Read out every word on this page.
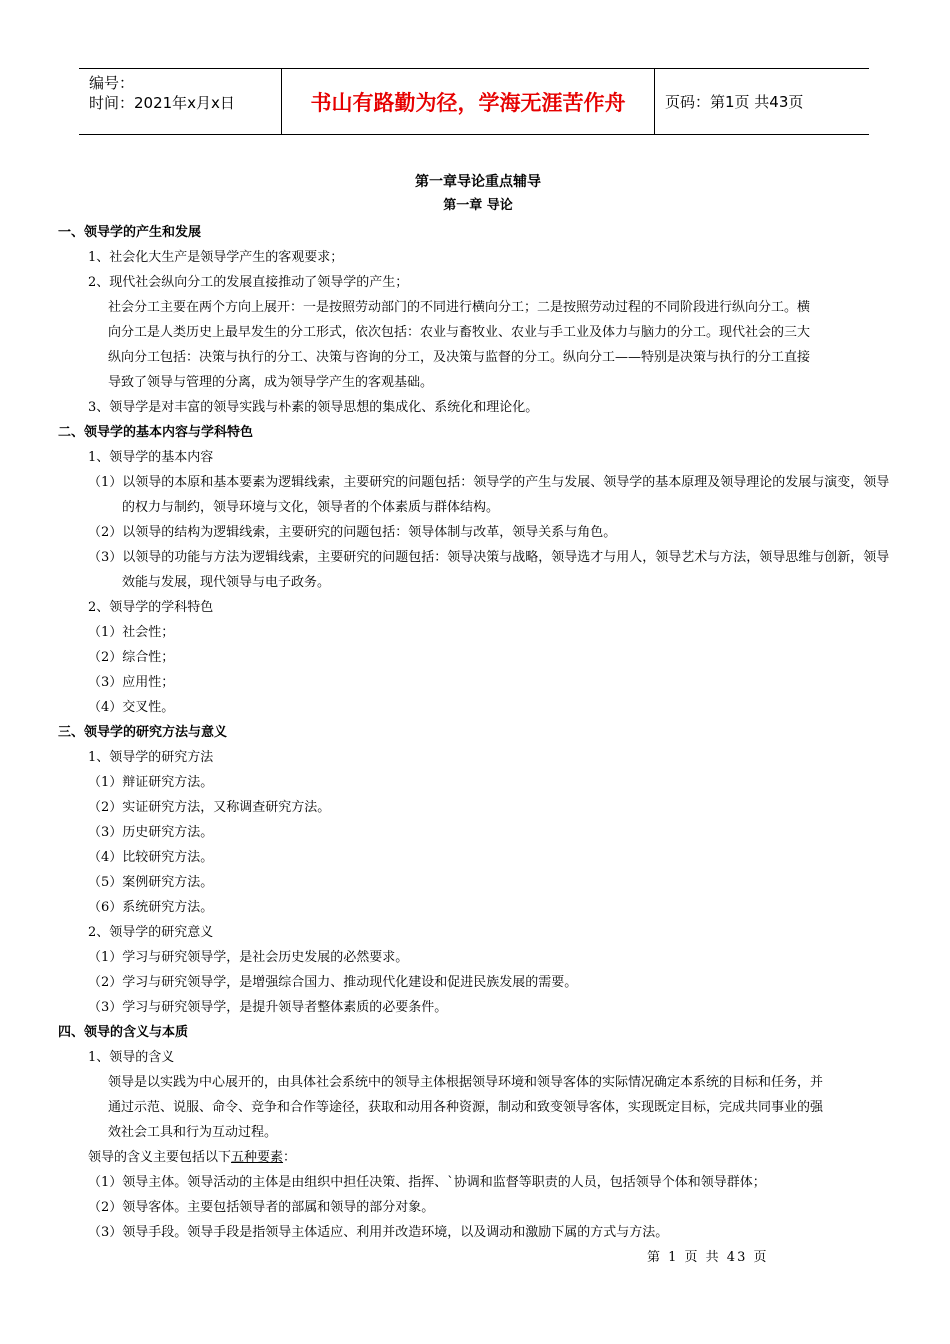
编号：
时间：2021年x月x日	书山有路勤为径，学海无涯苦作舟	页码：第1页 共43页
第一章导论重点辅导
第一章 导论
一、领导学的产生和发展
1、社会化大生产是领导学产生的客观要求；
2、现代社会纵向分工的发展直接推动了领导学的产生；
社会分工主要在两个方向上展开：一是按照劳动部门的不同进行横向分工；二是按照劳动过程的不同阶段进行纵向分工。横
向分工是人类历史上最早发生的分工形式，依次包括：农业与畜牧业、农业与手工业及体力与脑力的分工。现代社会的三大
纵向分工包括：决策与执行的分工、决策与咨询的分工，及决策与监督的分工。纵向分工——特别是决策与执行的分工直接
导致了领导与管理的分离，成为领导学产生的客观基础。
3、领导学是对丰富的领导实践与朴素的领导思想的集成化、系统化和理论化。
二、领导学的基本内容与学科特色
1、领导学的基本内容
（1）以领导的本原和基本要素为逻辑线索，主要研究的问题包括：领导学的产生与发展、领导学的基本原理及领导理论的发展与演变，领导的权力与制约，领导环境与文化，领导者的个体素质与群体结构。
（2）以领导的结构为逻辑线索，主要研究的问题包括：领导体制与改革，领导关系与角色。
（3）以领导的功能与方法为逻辑线索，主要研究的问题包括：领导决策与战略，领导选才与用人，领导艺术与方法，领导思维与创新，领导效能与发展，现代领导与电子政务。
2、领导学的学科特色
（1）社会性；
（2）综合性；
（3）应用性；
（4）交叉性。
三、领导学的研究方法与意义
1、领导学的研究方法
（1）辩证研究方法。
（2）实证研究方法，又称调查研究方法。
（3）历史研究方法。
（4）比较研究方法。
（5）案例研究方法。
（6）系统研究方法。
2、领导学的研究意义
（1）学习与研究领导学，是社会历史发展的必然要求。
（2）学习与研究领导学，是增强综合国力、推动现代化建设和促进民族发展的需要。
（3）学习与研究领导学，是提升领导者整体素质的必要条件。
四、领导的含义与本质
1、领导的含义
领导是以实践为中心展开的，由具体社会系统中的领导主体根据领导环境和领导客体的实际情况确定本系统的目标和任务，并
通过示范、说服、命令、竞争和合作等途径，获取和动用各种资源，制动和致变领导客体，实现既定目标，完成共同事业的强
效社会工具和行为互动过程。
领导的含义主要包括以下五种要素：
（1）领导主体。领导活动的主体是由组织中担任决策、指挥、`协调和监督等职责的人员，包括领导个体和领导群体；
（2）领导客体。主要包括领导者的部属和领导的部分对象。
（3）领导手段。领导手段是指领导主体适应、利用并改造环境，以及调动和激励下属的方式与方法。
第 1 页 共 43 页
